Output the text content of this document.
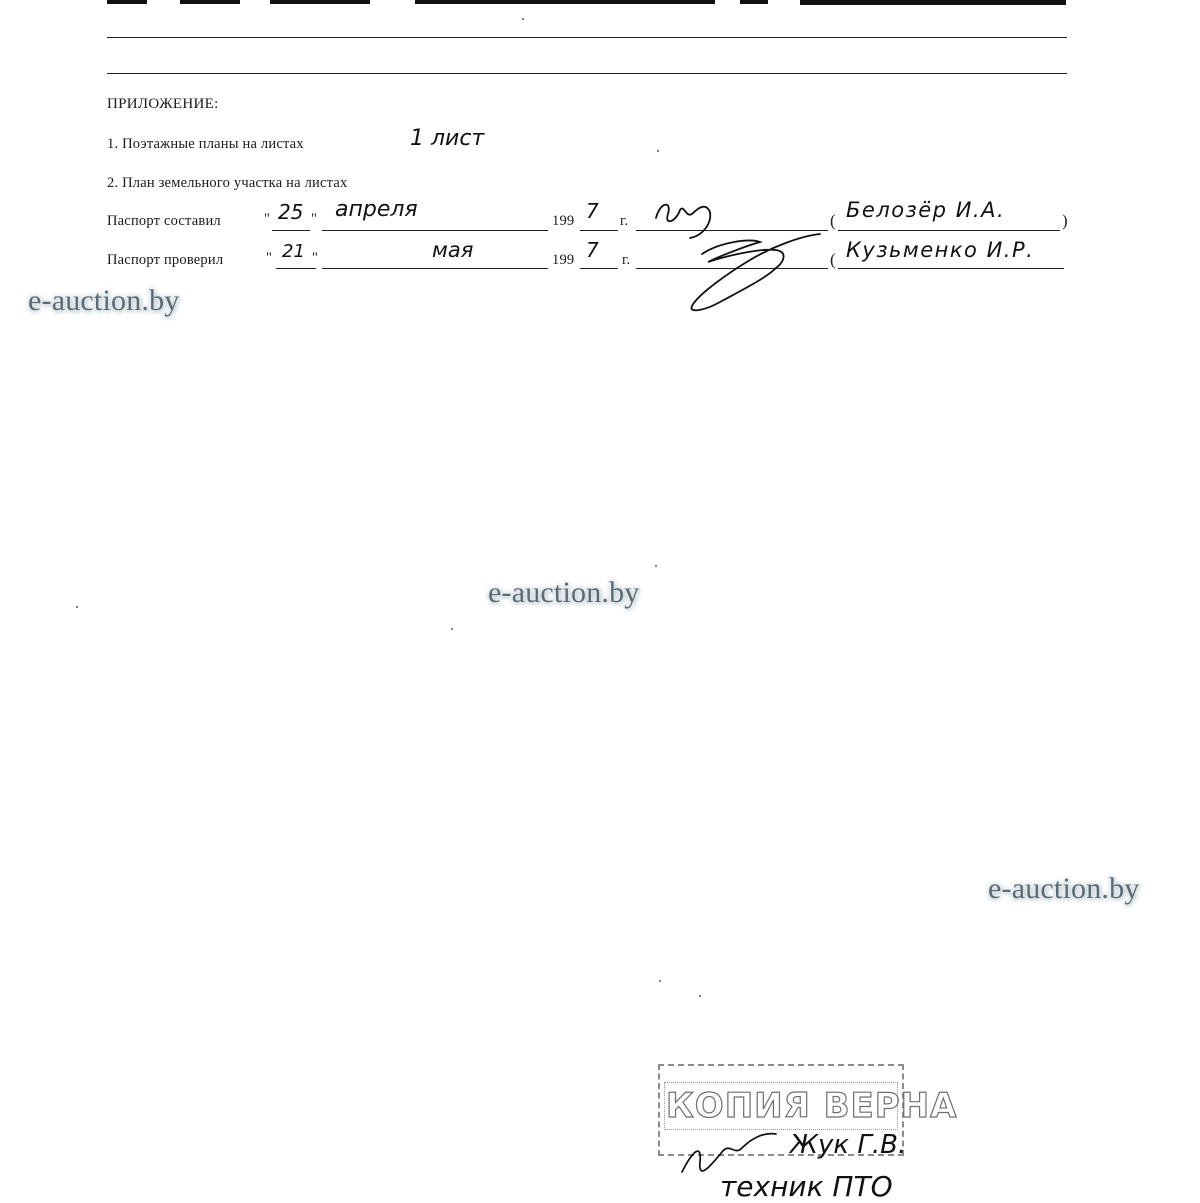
ПРИЛОЖЕНИЕ:
1. Поэтажные планы на листах	1 лист
2. План земельного участка на листах
Паспорт составил	" 25 " апреля	199 7 г.	( Белозёр И.А.	)
Паспорт проверил	" 21 "	мая	199 7 г.	( Кузьменко И.Р.
e-auction.by
e-auction.by
e-auction.by
КОПИЯ ВЕРНА
Жук Г.В.
техник ПТО
